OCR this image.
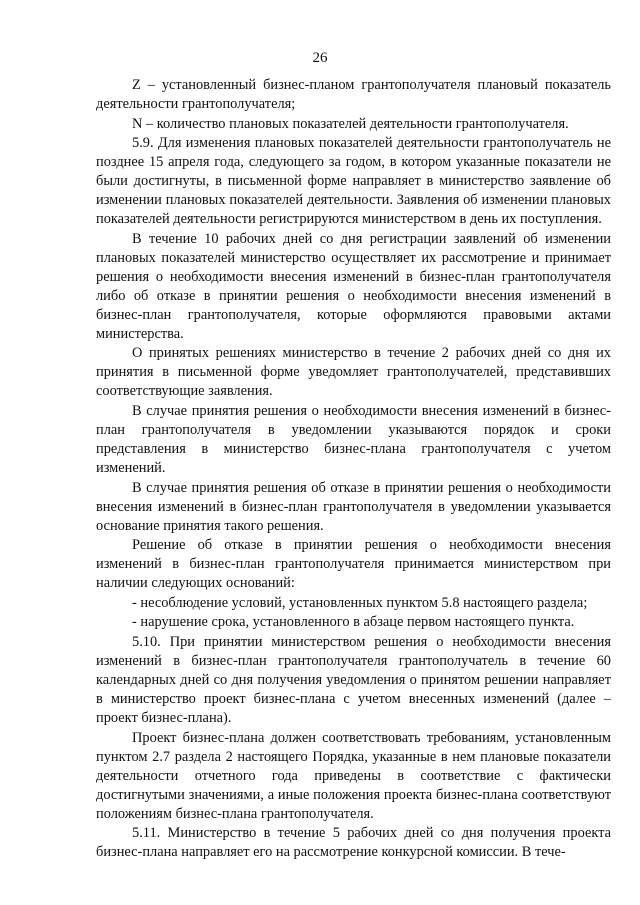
26

Z – установленный бизнес-планом грантополучателя плановый показатель деятельности грантополучателя;

N – количество плановых показателей деятельности грантополучателя.

5.9. Для изменения плановых показателей деятельности грантополучатель не позднее 15 апреля года, следующего за годом, в котором указанные показатели не были достигнуты, в письменной форме направляет в министерство заявление об изменении плановых показателей деятельности. Заявления об изменении плановых показателей деятельности регистрируются министерством в день их поступления.

В течение 10 рабочих дней со дня регистрации заявлений об изменении плановых показателей министерство осуществляет их рассмотрение и принимает решения о необходимости внесения изменений в бизнес-план грантополучателя либо об отказе в принятии решения о необходимости внесения изменений в бизнес-план грантополучателя, которые оформляются правовыми актами министерства.

О принятых решениях министерство в течение 2 рабочих дней со дня их принятия в письменной форме уведомляет грантополучателей, представивших соответствующие заявления.

В случае принятия решения о необходимости внесения изменений в бизнес-план грантополучателя в уведомлении указываются порядок и сроки представления в министерство бизнес-плана грантополучателя с учетом изменений.

В случае принятия решения об отказе в принятии решения о необходимости внесения изменений в бизнес-план грантополучателя в уведомлении указывается основание принятия такого решения.

Решение об отказе в принятии решения о необходимости внесения изменений в бизнес-план грантополучателя принимается министерством при наличии следующих оснований:

- несоблюдение условий, установленных пунктом 5.8 настоящего раздела;

- нарушение срока, установленного в абзаце первом настоящего пункта.

5.10. При принятии министерством решения о необходимости внесения изменений в бизнес-план грантополучателя грантополучатель в течение 60 календарных дней со дня получения уведомления о принятом решении направляет в министерство проект бизнес-плана с учетом внесенных изменений (далее – проект бизнес-плана).

Проект бизнес-плана должен соответствовать требованиям, установленным пунктом 2.7 раздела 2 настоящего Порядка, указанные в нем плановые показатели деятельности отчетного года приведены в соответствие с фактически достигнутыми значениями, а иные положения проекта бизнес-плана соответствуют положениям бизнес-плана грантополучателя.

5.11. Министерство в течение 5 рабочих дней со дня получения проекта бизнес-плана направляет его на рассмотрение конкурсной комиссии. В тече-
